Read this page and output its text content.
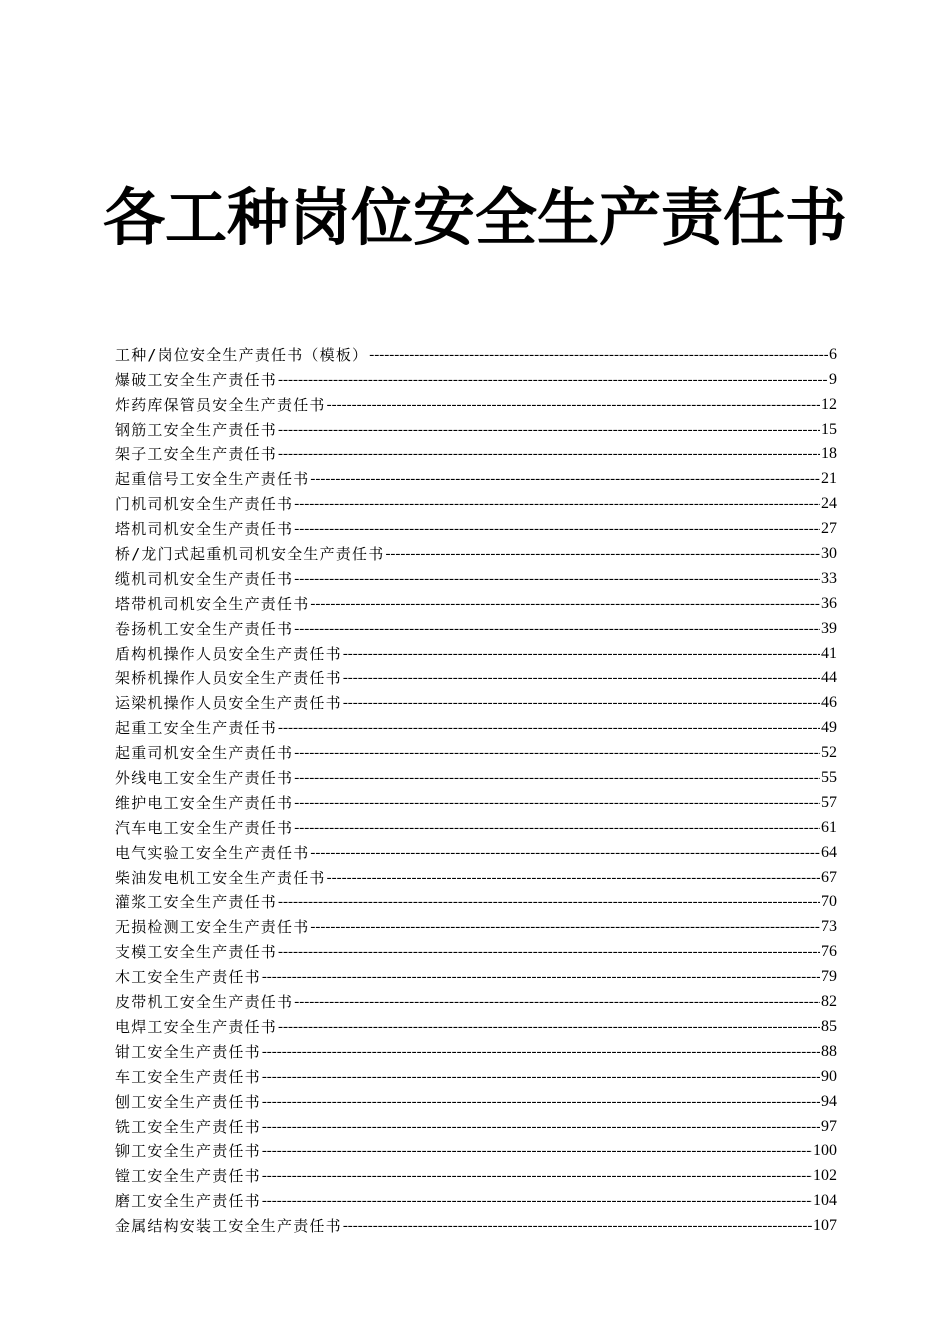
各工种岗位安全生产责任书
工种/岗位安全生产责任书（模板） -----	6
爆破工安全生产责任书 -----	9
炸药库保管员安全生产责任书 -----	12
钢筋工安全生产责任书 -----	15
架子工安全生产责任书 -----	18
起重信号工安全生产责任书 -----	21
门机司机安全生产责任书 -----	24
塔机司机安全生产责任书 -----	27
桥/龙门式起重机司机安全生产责任书 -----	30
缆机司机安全生产责任书 -----	33
塔带机司机安全生产责任书 -----	36
卷扬机工安全生产责任书 -----	39
盾构机操作人员安全生产责任书 -----	41
架桥机操作人员安全生产责任书 -----	44
运梁机操作人员安全生产责任书 -----	46
起重工安全生产责任书 -----	49
起重司机安全生产责任书 -----	52
外线电工安全生产责任书 -----	55
维护电工安全生产责任书 -----	57
汽车电工安全生产责任书 -----	61
电气实验工安全生产责任书 -----	64
柴油发电机工安全生产责任书 -----	67
灌浆工安全生产责任书 -----	70
无损检测工安全生产责任书 -----	73
支模工安全生产责任书 -----	76
木工安全生产责任书 -----	79
皮带机工安全生产责任书 -----	82
电焊工安全生产责任书 -----	85
钳工安全生产责任书 -----	88
车工安全生产责任书 -----	90
刨工安全生产责任书 -----	94
铣工安全生产责任书 -----	97
铆工安全生产责任书 -----	100
镗工安全生产责任书 -----	102
磨工安全生产责任书 -----	104
金属结构安装工安全生产责任书 -----	107
